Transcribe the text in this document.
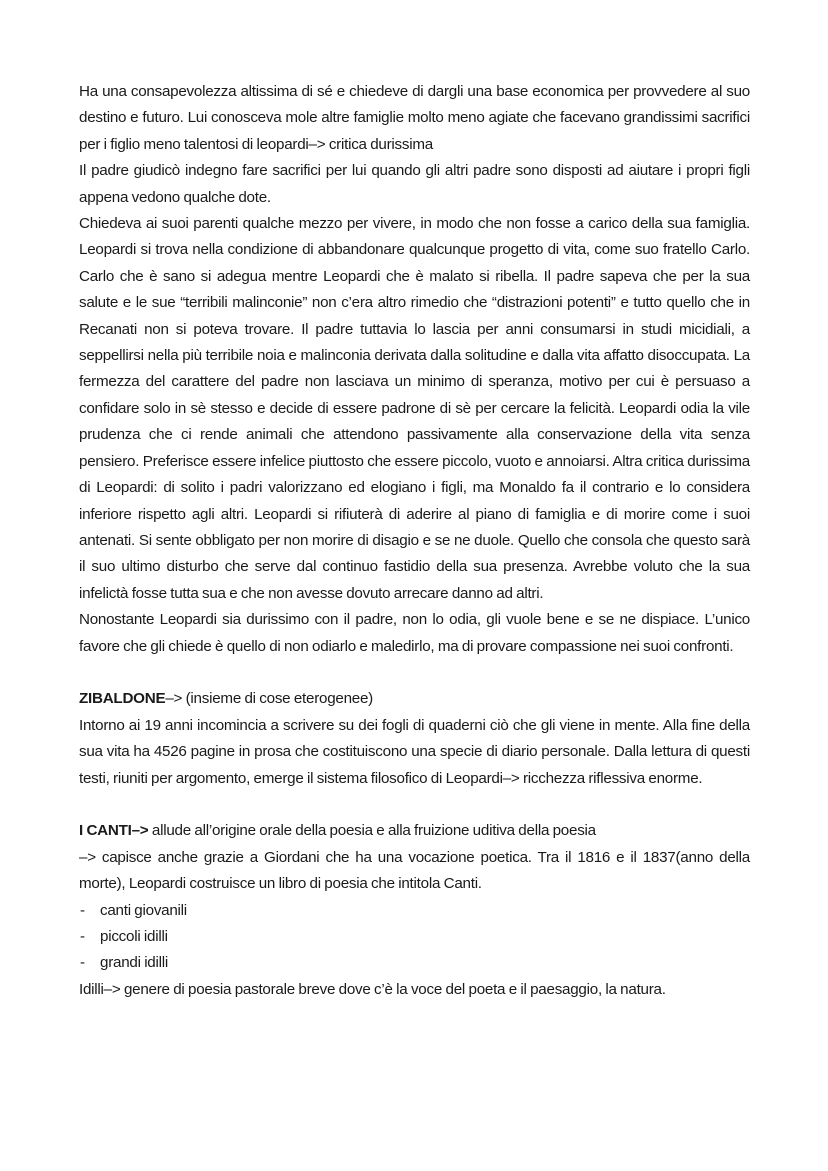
Ha una consapevolezza altissima di sé e chiedeve di dargli una base economica per provvedere al suo destino e futuro. Lui conosceva mole altre famiglie molto meno agiate che facevano grandissimi sacrifici per i figlio meno talentosi di leopardi–> critica durissima

Il padre giudicò indegno fare sacrifici per lui quando gli altri padre sono disposti ad aiutare i propri figli appena vedono qualche dote.

Chiedeva ai suoi parenti qualche mezzo per vivere, in modo che non fosse a carico della sua famiglia. Leopardi si trova nella condizione di abbandonare qualcunque progetto di vita, come suo fratello Carlo. Carlo che è sano si adegua mentre Leopardi che è malato si ribella. Il padre sapeva che per la sua salute e le sue “terribili malinconie” non c’era altro rimedio che “distrazioni potenti” e tutto quello che in Recanati non si poteva trovare. Il padre tuttavia lo lascia per anni consumarsi in studi micidiali, a seppellirsi nella più terribile noia e malinconia derivata dalla solitudine e dalla vita affatto disoccupata. La fermezza del carattere del padre non lasciava un minimo di speranza, motivo per cui è persuaso a confidare solo in sè stesso e decide di essere padrone di sè per cercare la felicità. Leopardi odia la vile prudenza che ci rende animali che attendono passivamente alla conservazione della vita senza pensiero. Preferisce essere infelice piuttosto che essere piccolo, vuoto e annoiarsi. Altra critica durissima di Leopardi: di solito i padri valorizzano ed elogiano i figli, ma Monaldo fa il contrario e lo considera inferiore rispetto agli altri. Leopardi si rifiuterà di aderire al piano di famiglia e di morire come i suoi antenati. Si sente obbligato per non morire di disagio e se ne duole. Quello che consola che questo sarà il suo ultimo disturbo che serve dal continuo fastidio della sua presenza. Avrebbe voluto che la sua infelictà fosse tutta sua e che non avesse dovuto arrecare danno ad altri.

Nonostante Leopardi sia durissimo con il padre, non lo odia, gli vuole bene e se ne dispiace. L’unico favore che gli chiede è quello di non odiarlo e maledirlo, ma di provare compassione nei suoi confronti.

ZIBALDONE–> (insieme di cose eterogenee)

Intorno ai 19 anni incomincia a scrivere su dei fogli di quaderni ciò che gli viene in mente. Alla fine della sua vita ha 4526 pagine in prosa che costituiscono una specie di diario personale. Dalla lettura di questi testi, riuniti per argomento, emerge il sistema filosofico di Leopardi–> ricchezza riflessiva enorme.

I CANTI–> allude all’origine orale della poesia e alla fruizione uditiva della poesia

–> capisce anche grazie a Giordani che ha una vocazione poetica. Tra il 1816 e il 1837(anno della morte), Leopardi costruisce un libro di poesia che intitola Canti.

- canti giovanili
- piccoli idilli
- grandi idilli

Idilli–> genere di poesia pastorale breve dove c’è la voce del poeta e il paesaggio, la natura.
